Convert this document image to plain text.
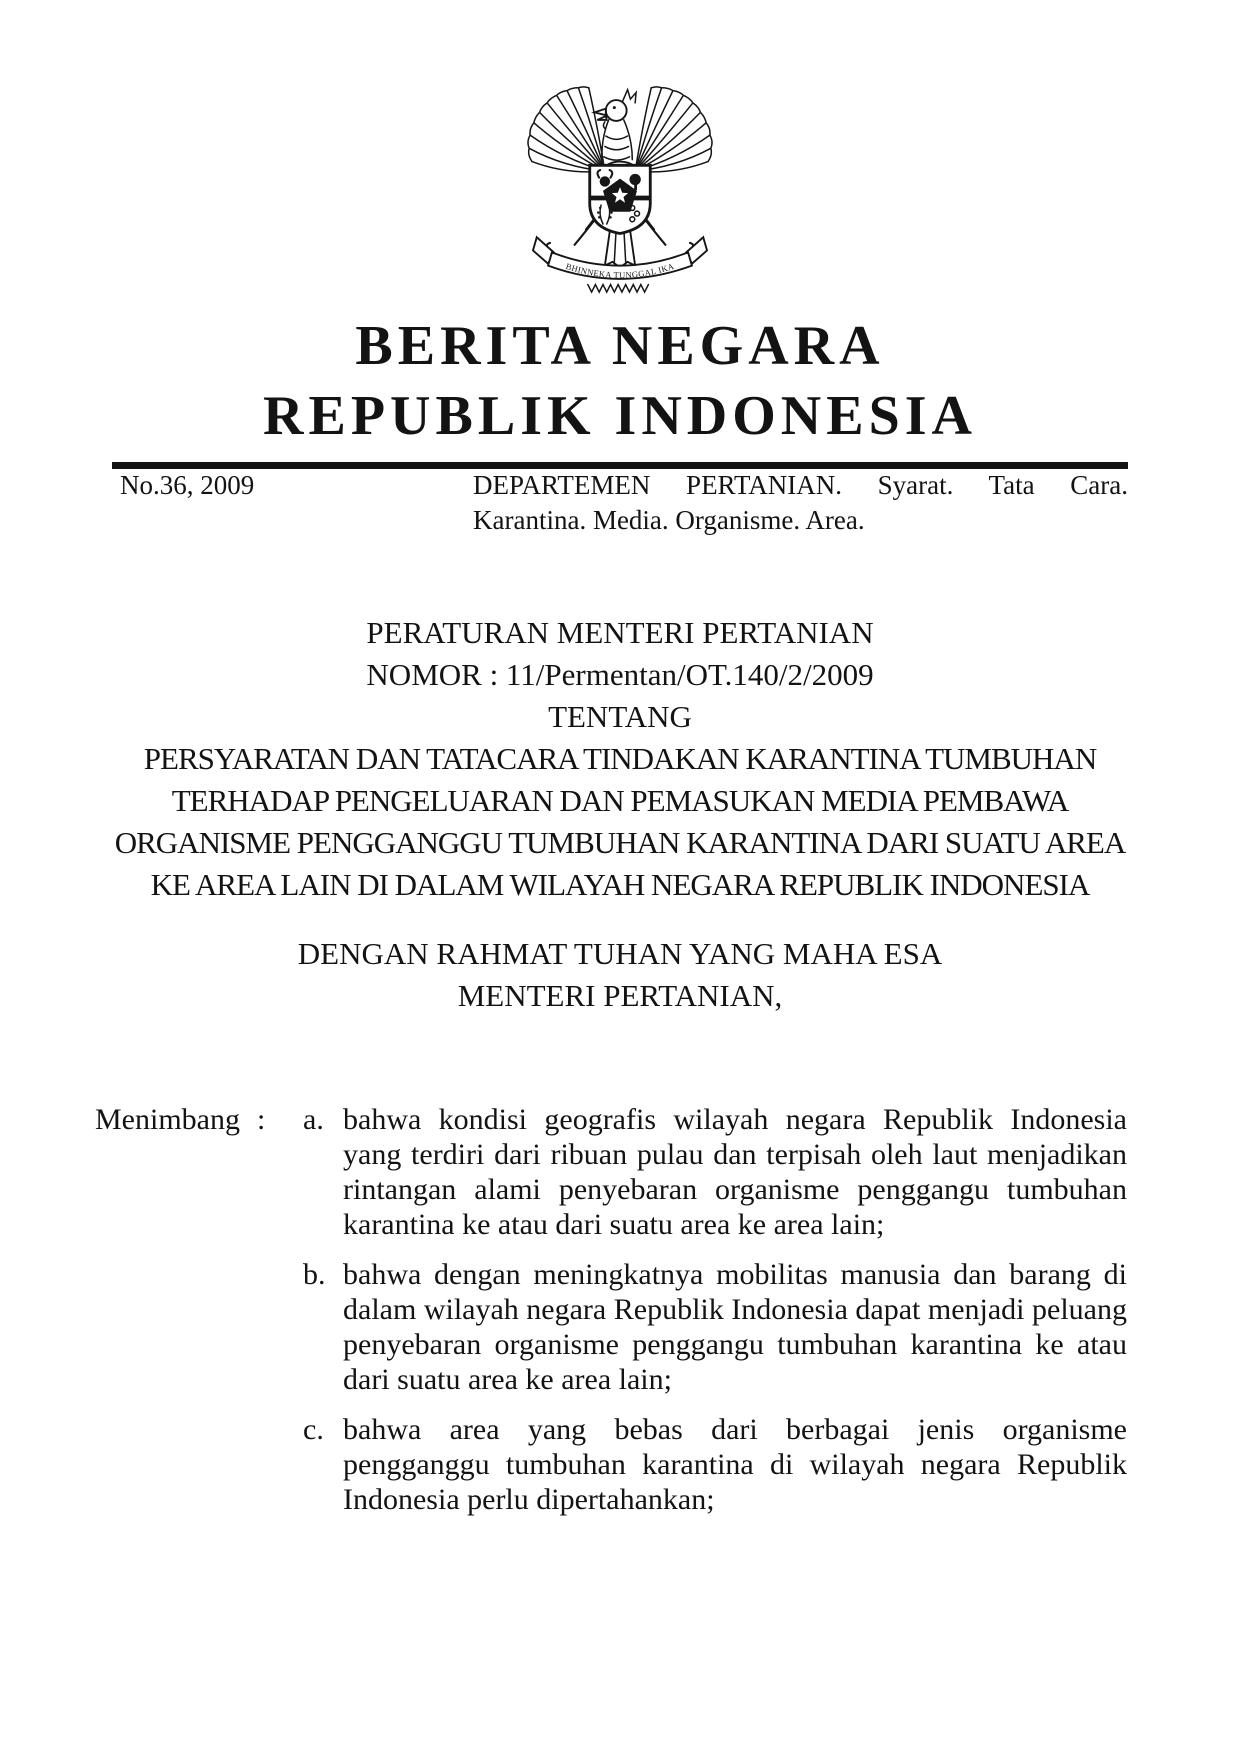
BHINNEKA TUNGGAL IKA
BERITA NEGARA
REPUBLIK INDONESIA
No.36, 2009	DEPARTEMEN PERTANIAN. Syarat. Tata Cara. Karantina. Media. Organisme. Area.
PERATURAN MENTERI PERTANIAN
NOMOR : 11/Permentan/OT.140/2/2009
TENTANG
PERSYARATAN DAN TATACARA TINDAKAN KARANTINA TUMBUHAN
TERHADAP PENGELUARAN DAN PEMASUKAN MEDIA PEMBAWA
ORGANISME PENGGANGGU TUMBUHAN KARANTINA DARI SUATU AREA
KE AREA LAIN DI DALAM WILAYAH NEGARA REPUBLIK INDONESIA
DENGAN RAHMAT TUHAN YANG MAHA ESA
MENTERI PERTANIAN,
Menimbang :	a. bahwa kondisi geografis wilayah negara Republik Indonesia yang terdiri dari ribuan pulau dan terpisah oleh laut menjadikan rintangan alami penyebaran organisme penggangu tumbuhan karantina ke atau dari suatu area ke area lain;
b. bahwa dengan meningkatnya mobilitas manusia dan barang di dalam wilayah negara Republik Indonesia dapat menjadi peluang penyebaran organisme penggangu tumbuhan karantina ke atau dari suatu area ke area lain;
c. bahwa area yang bebas dari berbagai jenis organisme pengganggu tumbuhan karantina di wilayah negara Republik Indonesia perlu dipertahankan;
